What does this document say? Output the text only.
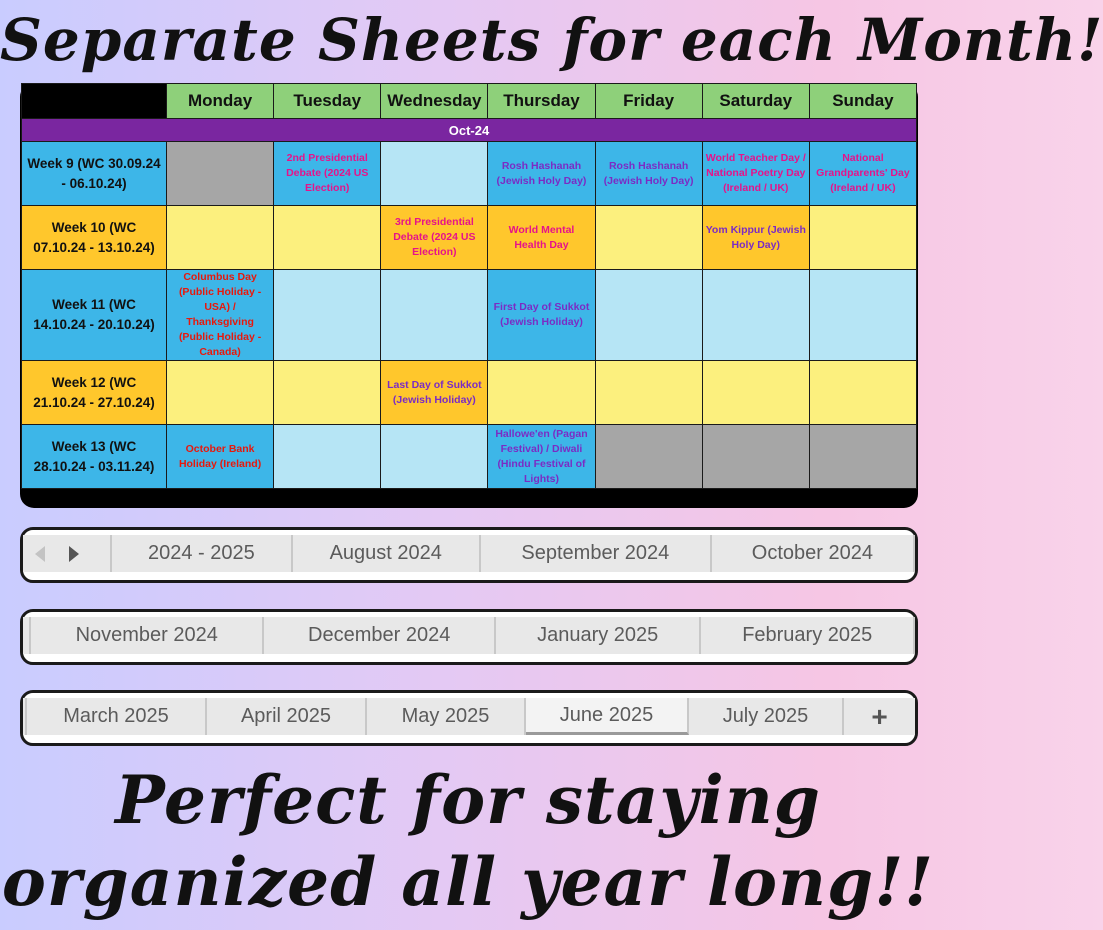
Separate Sheets for each Month!
	Monday	Tuesday	Wednesday	Thursday	Friday	Saturday	Sunday
Oct-24							
Week 9 (WC 30.09.24 - 06.10.24)		2nd Presidential Debate (2024 US Election)		Rosh Hashanah (Jewish Holy Day)	Rosh Hashanah (Jewish Holy Day)	World Teacher Day / National Poetry Day (Ireland / UK)	National Grandparents' Day (Ireland / UK)
Week 10 (WC 07.10.24 - 13.10.24)			3rd Presidential Debate (2024 US Election)	World Mental Health Day		Yom Kippur (Jewish Holy Day)	
Week 11 (WC 14.10.24 - 20.10.24)	Columbus Day (Public Holiday - USA) / Thanksgiving (Public Holiday - Canada)			First Day of Sukkot (Jewish Holiday)			
Week 12 (WC 21.10.24 - 27.10.24)			Last Day of Sukkot (Jewish Holiday)				
Week 13 (WC 28.10.24 - 03.11.24)	October Bank Holiday (Ireland)			Hallowe'en (Pagan Festival) / Diwali (Hindu Festival of Lights)			
2024 - 2025	August 2024	September 2024	October 2024
November 2024	December 2024	January 2025	February 2025
March 2025	April 2025	May 2025	June 2025	July 2025	+
Perfect for staying
organized all year long!!
